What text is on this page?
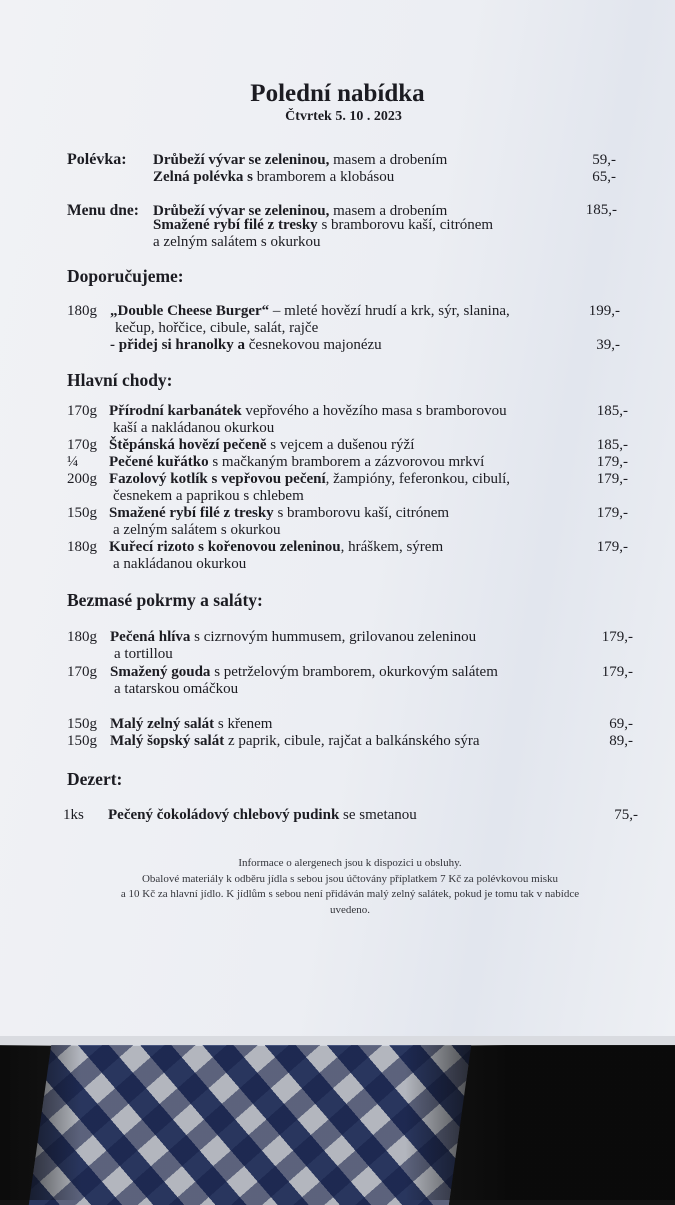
Polední nabídka
Čtvrtek 5. 10 . 2023
Polévka: Drůbeží vývar se zeleninou, masem a drobením	59,-
Zelná polévka s bramborem a klobásou	65,-
Menu dne: Drůbeží vývar se zeleninou, masem a drobením	185,-
Smažené rybí filé z tresky s bramborovu kaší, citrónem
a zelným salátem s okurkou
Doporučujeme:
180g „Double Cheese Burger“ – mleté hovězí hrudí a krk, sýr, slanina,	199,-
kečup, hořčice, cibule, salát, rajče
- přidej si hranolky a česnekovou majonézu	39,-
Hlavní chody:
170g Přírodní karbanátek vepřového a hovězího masa s bramborovou	185,-
kaší a nakládanou okurkou
170g Štěpánská hovězí pečeně s vejcem a dušenou rýží	185,-
¼ Pečené kuřátko s mačkaným bramborem a zázvorovou mrkví	179,-
200g Fazolový kotlík s vepřovou pečení, žampióny, feferonkou, cibulí,	179,-
česnekem a paprikou s chlebem
150g Smažené rybí filé z tresky s bramborovu kaší, citrónem	179,-
a zelným salátem s okurkou
180g Kuřecí rizoto s kořenovou zeleninou, hráškem, sýrem	179,-
a nakládanou okurkou
Bezmasé pokrmy a saláty:
180g Pečená hlíva s cizrnovým hummusem, grilovanou zeleninou	179,-
a tortillou
170g Smažený gouda s petrželovým bramborem, okurkovým salátem	179,-
a tatarskou omáčkou
150g Malý zelný salát s křenem	69,-
150g Malý šopský salát z paprik, cibule, rajčat a balkánského sýra	89,-
Dezert:
1ks Pečený čokoládový chlebový pudink se smetanou	75,-
Informace o alergenech jsou k dispozici u obsluhy.
Obalové materiály k odběru jídla s sebou jsou účtovány příplatkem 7 Kč za polévkovou misku
a 10 Kč za hlavní jídlo. K jídlům s sebou není přidáván malý zelný salátek, pokud je tomu tak v nabídce
uvedeno.
